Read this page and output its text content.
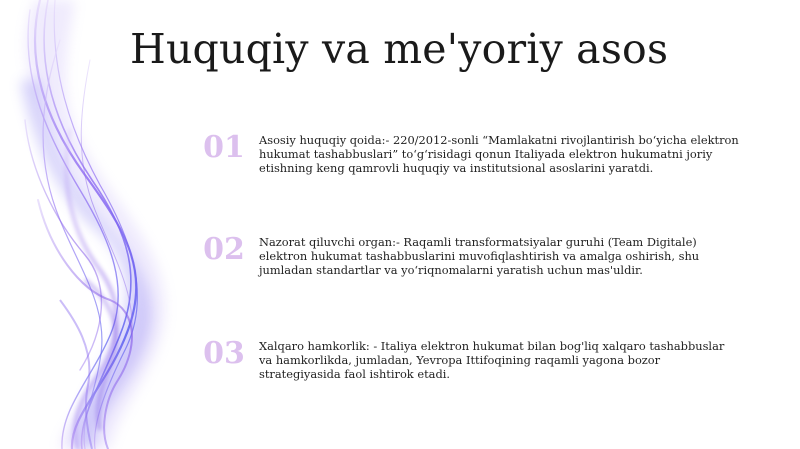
Huquqiy va me'yoriy asos
01	Asosiy huquqiy qoida:- 220/2012-sonli “Mamlakatni rivojlantirish bo‘yicha elektron hukumat tashabbuslari” to‘g‘risidagi qonun Italiyada elektron hukumatni joriy etishning keng qamrovli huquqiy va institutsional asoslarini yaratdi.
02	Nazorat qiluvchi organ:- Raqamli transformatsiyalar guruhi (Team Digitale) elektron hukumat tashabbuslarini muvofiqlashtirish va amalga oshirish, shu jumladan standartlar va yo‘riqnomalarni yaratish uchun mas'uldir.
03	Xalqaro hamkorlik: - Italiya elektron hukumat bilan bog'liq xalqaro tashabbuslar va hamkorlikda, jumladan, Yevropa Ittifoqining raqamli yagona bozor strategiyasida faol ishtirok etadi.
